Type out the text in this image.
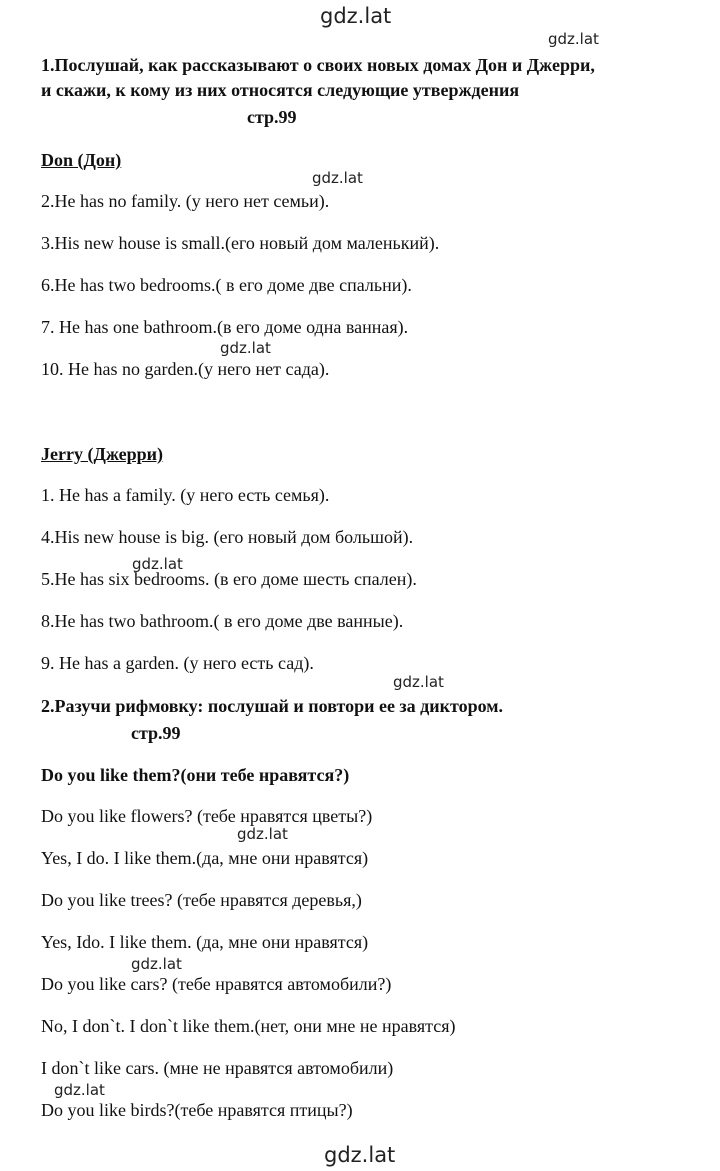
gdz.lat
gdz.lat
gdz.lat
gdz.lat
gdz.lat
gdz.lat
gdz.lat
gdz.lat
gdz.lat
gdz.lat
1.Послушай, как рассказывают о своих новых домах Дон и Джерри,
и скажи, к кому из них относятся следующие утверждения
стр.99
Don (Дон)
2.He has no family. (у него нет семьи).
3.His new house is small.(его новый дом маленький).
6.He has two bedrooms.( в его доме две спальни).
7. He has one bathroom.(в его доме одна ванная).
10. He has no garden.(у него нет сада).
Jerry (Джерри)
1. He has a family. (у него есть семья).
4.His new house is big. (его новый дом большой).
5.He has six bedrooms. (в его доме шесть спален).
8.He has two bathroom.( в его доме две ванные).
9. He has a garden. (у него есть сад).
2.Разучи рифмовку: послушай и повтори ее за диктором.
стр.99
Do you like them?(они тебе нравятся?)
Do you like flowers? (тебе нравятся цветы?)
Yes, I do. I like them.(да, мне они нравятся)
Do you like trees? (тебе нравятся деревья,)
Yes, Ido. I like them. (да, мне они нравятся)
Do you like cars? (тебе нравятся автомобили?)
No, I don`t. I don`t like them.(нет, они мне не нравятся)
I don`t like cars. (мне не нравятся автомобили)
Do you like birds?(тебе нравятся птицы?)
